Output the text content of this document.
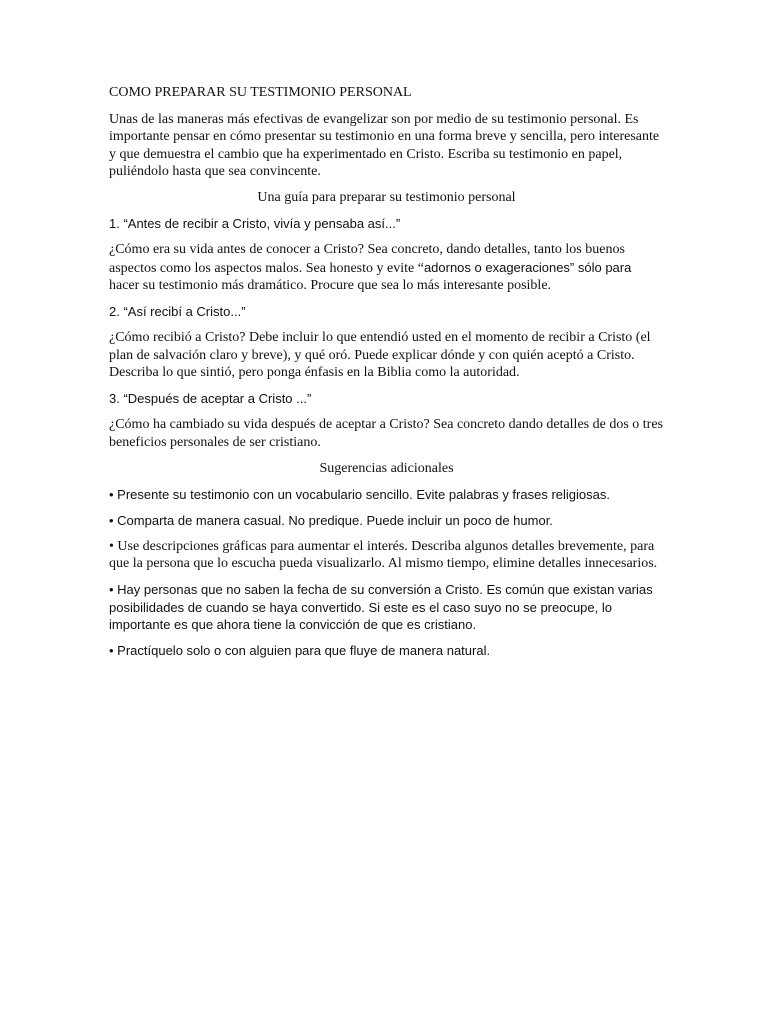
COMO PREPARAR SU TESTIMONIO PERSONAL

Unas de las maneras más efectivas de evangelizar son por medio de su testimonio personal. Es importante pensar en cómo presentar su testimonio en una forma breve y sencilla, pero interesante y que demuestra el cambio que ha experimentado en Cristo. Escriba su testimonio en papel, puliéndolo hasta que sea convincente.

Una guía para preparar su testimonio personal

1. “Antes de recibir a Cristo, vivía y pensaba así...”

¿Cómo era su vida antes de conocer a Cristo? Sea concreto, dando detalles, tanto los buenos aspectos como los aspectos malos. Sea honesto y evite “adornos o exageraciones” sólo para hacer su testimonio más dramático. Procure que sea lo más interesante posible.

2. “Así recibí a Cristo...”

¿Cómo recibió a Cristo? Debe incluir lo que entendió usted en el momento de recibir a Cristo (el plan de salvación claro y breve), y qué oró. Puede explicar dónde y con quién aceptó a Cristo. Describa lo que sintió, pero ponga énfasis en la Biblia como la autoridad.

3. “Después de aceptar a Cristo ...”

¿Cómo ha cambiado su vida después de aceptar a Cristo? Sea concreto dando detalles de dos o tres beneficios personales de ser cristiano.

Sugerencias adicionales

• Presente su testimonio con un vocabulario sencillo. Evite palabras y frases religiosas.

• Comparta de manera casual. No predique. Puede incluir un poco de humor.

• Use descripciones gráficas para aumentar el interés. Describa algunos detalles brevemente, para que la persona que lo escucha pueda visualizarlo. Al mismo tiempo, elimine detalles innecesarios.

• Hay personas que no saben la fecha de su conversión a Cristo. Es común que existan varias posibilidades de cuando se haya convertido. Si este es el caso suyo no se preocupe, lo importante es que ahora tiene la convicción de que es cristiano.

• Practíquelo solo o con alguien para que fluye de manera natural.
